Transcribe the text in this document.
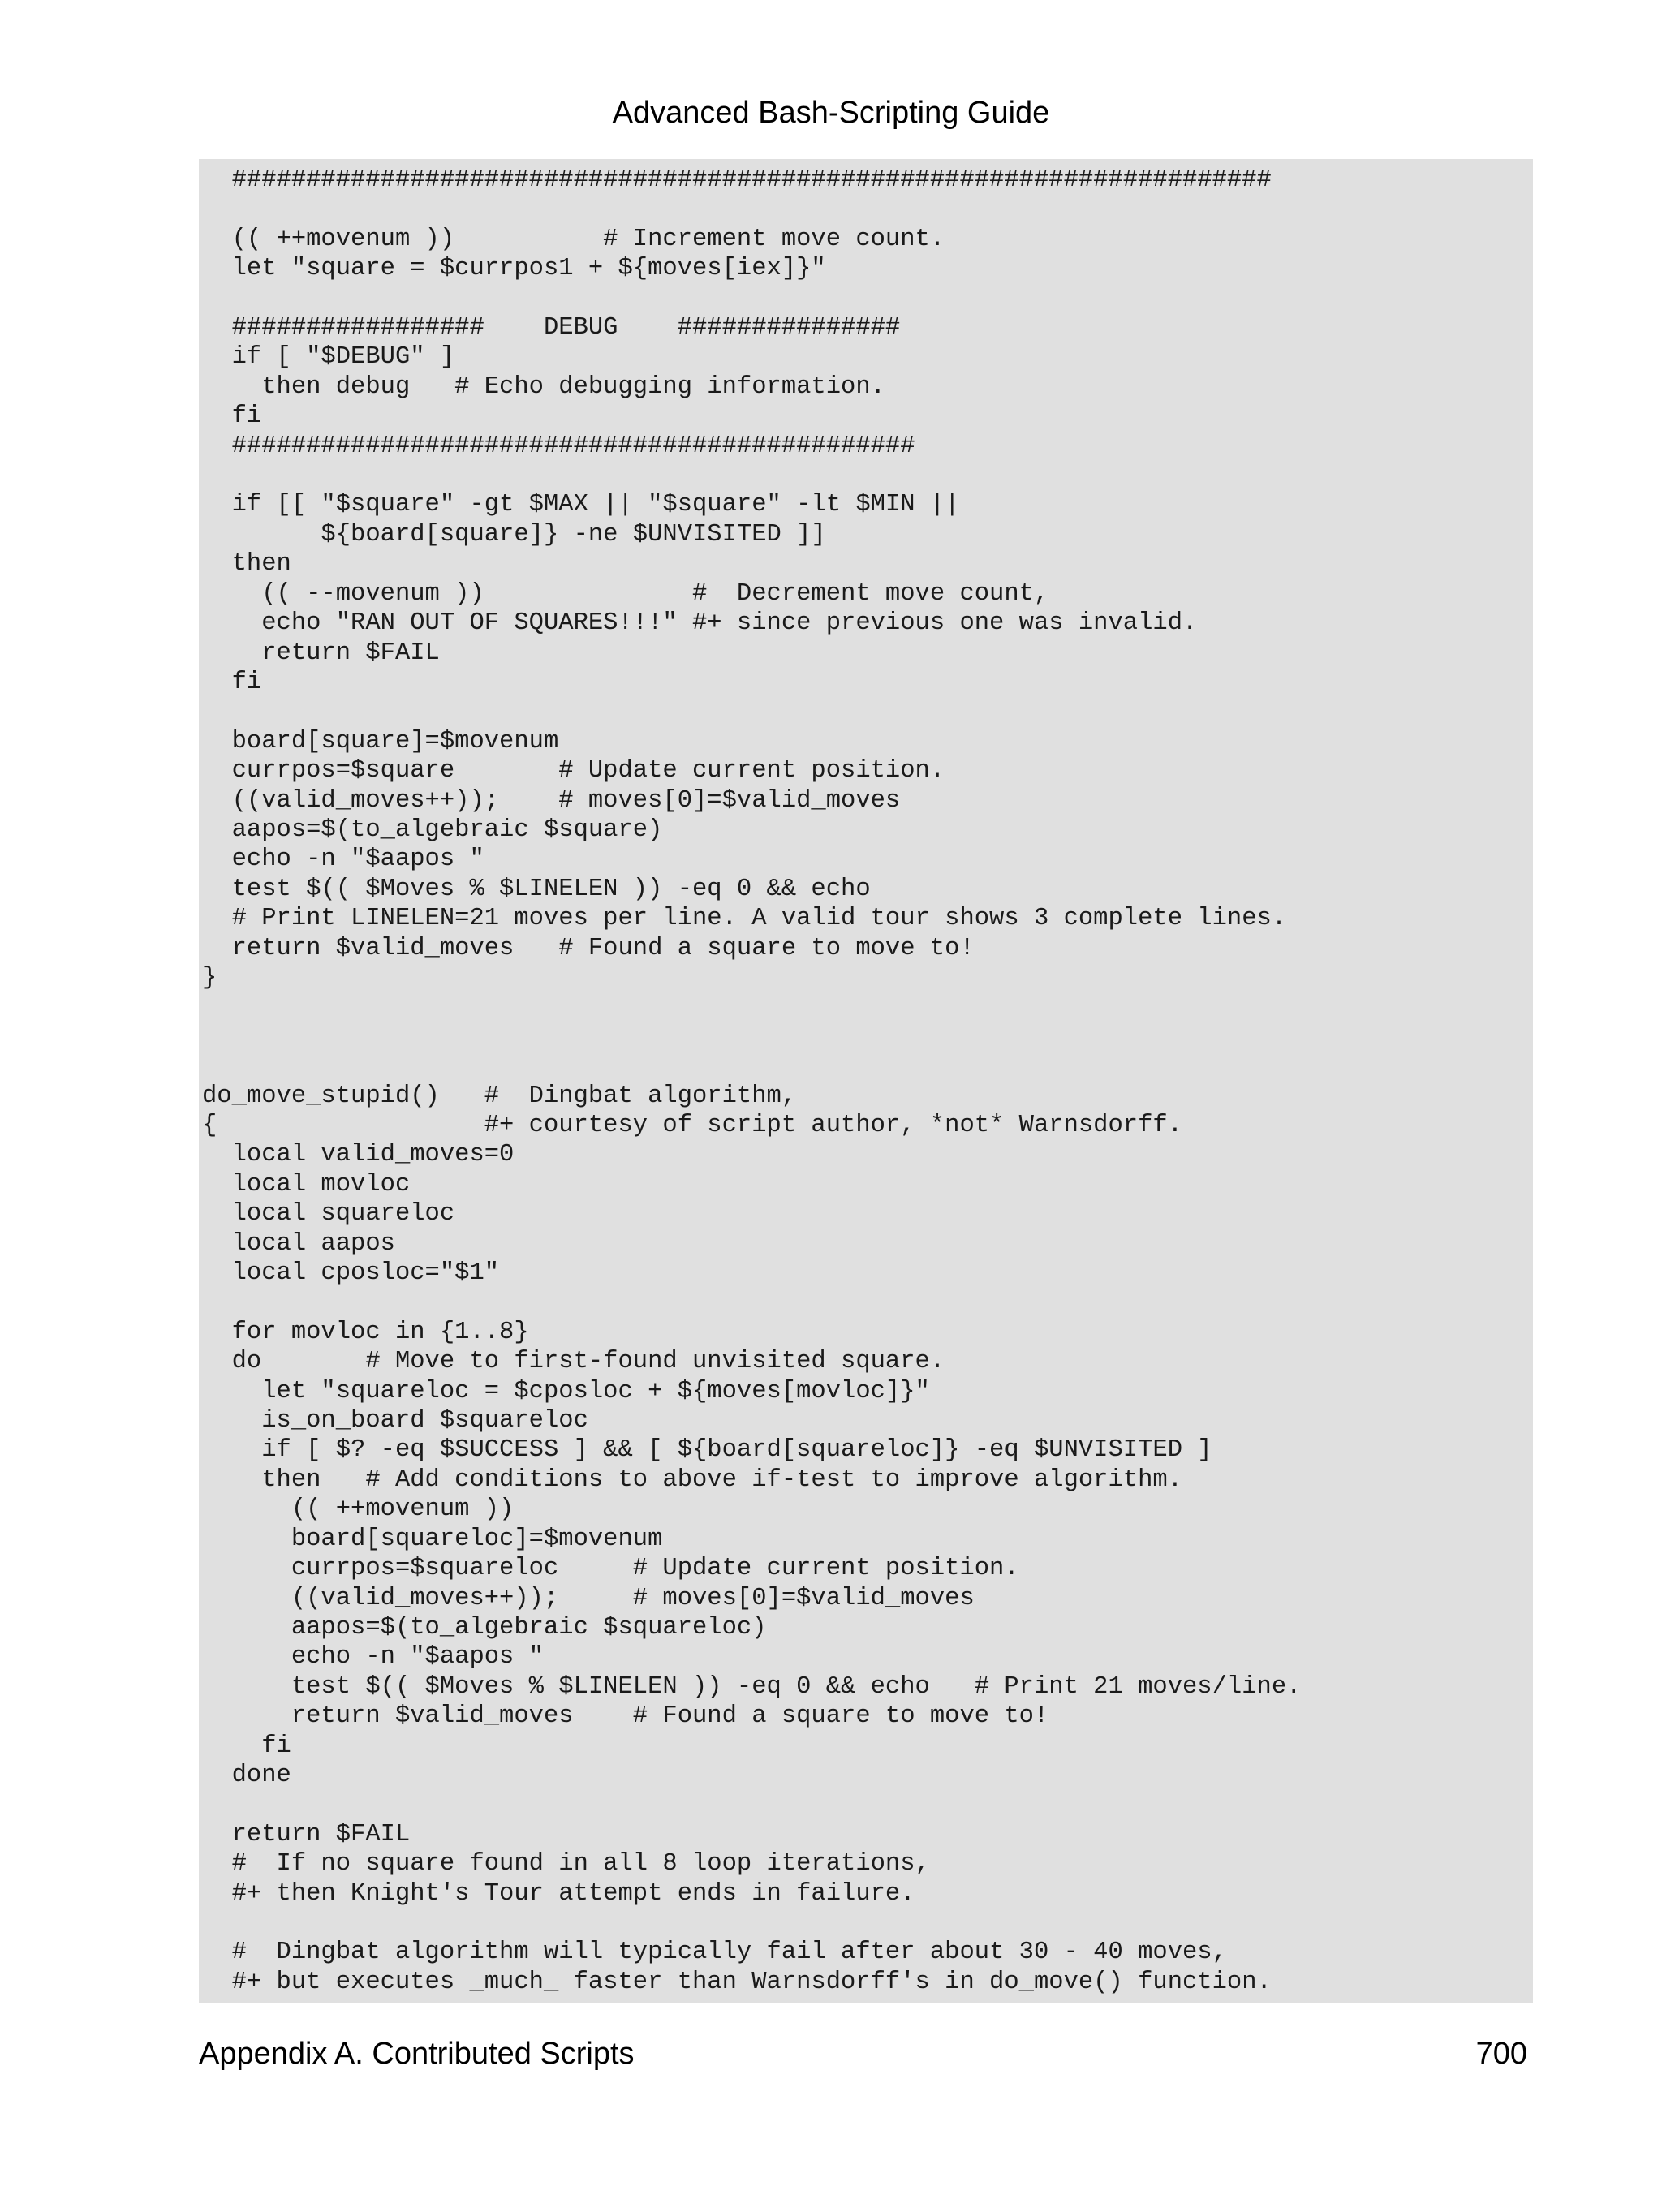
Advanced Bash-Scripting Guide
######################################################################

(( ++movenum ))          # Increment move count.
let "square = $currpos1 + ${moves[iex]}"

#################    DEBUG    ###############
if [ "$DEBUG" ]
then debug   # Echo debugging information.
fi
##############################################

if [[ "$square" -gt $MAX || "$square" -lt $MIN ||
${board[square]} -ne $UNVISITED ]]
then
(( --movenum ))              #  Decrement move count,
echo "RAN OUT OF SQUARES!!!" #+ since previous one was invalid.
return $FAIL
fi

board[square]=$movenum
currpos=$square       # Update current position.
((valid_moves++));    # moves[0]=$valid_moves
aapos=$(to_algebraic $square)
echo -n "$aapos "
test $(( $Moves % $LINELEN )) -eq 0 && echo
# Print LINELEN=21 moves per line. A valid tour shows 3 complete lines.
return $valid_moves   # Found a square to move to!
}

do_move_stupid()   #  Dingbat algorithm,
{                  #+ courtesy of script author, *not* Warnsdorff.
local valid_moves=0
local movloc
local squareloc
local aapos
local cposloc="$1"

for movloc in {1..8}
do       # Move to first-found unvisited square.
let "squareloc = $cposloc + ${moves[movloc]}"
is_on_board $squareloc
if [ $? -eq $SUCCESS ] && [ ${board[squareloc]} -eq $UNVISITED ]
then   # Add conditions to above if-test to improve algorithm.
(( ++movenum ))
board[squareloc]=$movenum
currpos=$squareloc     # Update current position.
((valid_moves++));     # moves[0]=$valid_moves
aapos=$(to_algebraic $squareloc)
echo -n "$aapos "
test $(( $Moves % $LINELEN )) -eq 0 && echo   # Print 21 moves/line.
return $valid_moves    # Found a square to move to!
fi
done

return $FAIL
#  If no square found in all 8 loop iterations,
#+ then Knight's Tour attempt ends in failure.

#  Dingbat algorithm will typically fail after about 30 - 40 moves,
#+ but executes _much_ faster than Warnsdorff's in do_move() function.
Appendix A. Contributed Scripts	700
